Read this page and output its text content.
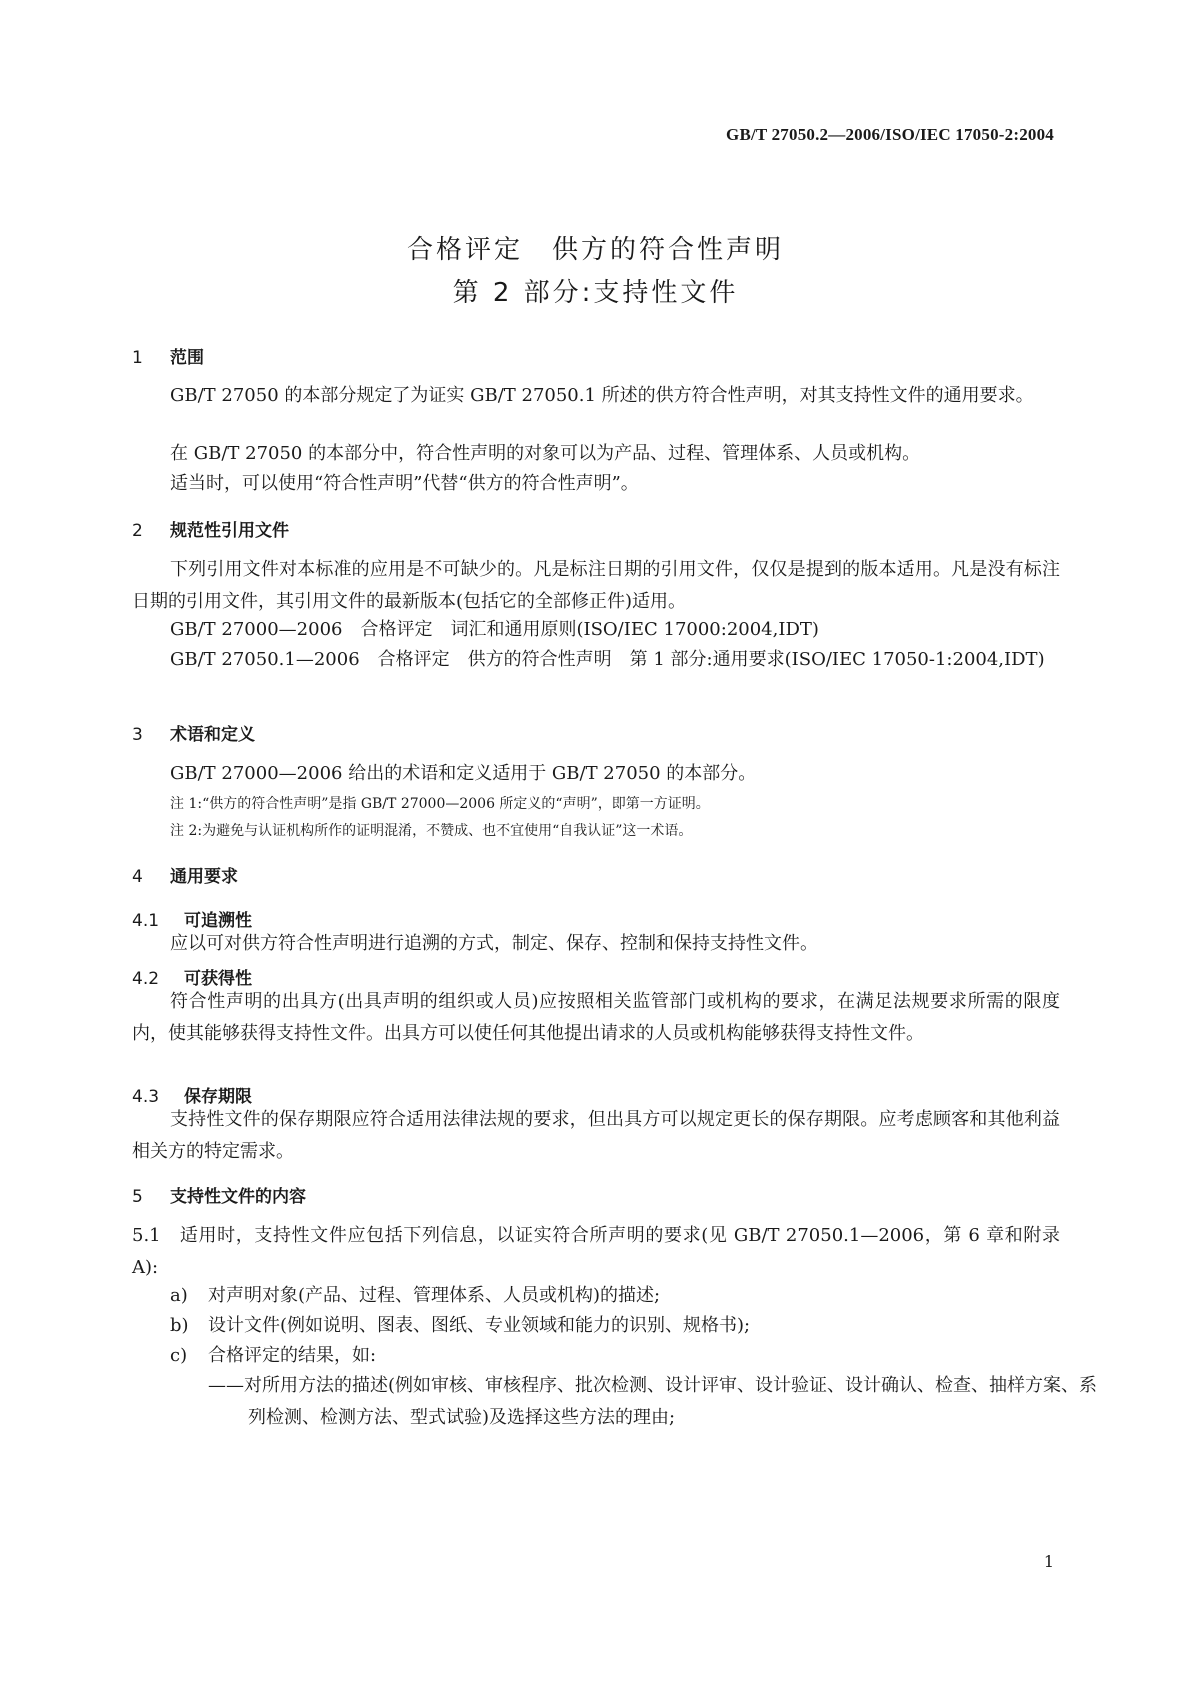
GB/T 27050.2—2006/ISO/IEC 17050-2:2004
合格评定　供方的符合性声明
第 2 部分:支持性文件
1 范围

GB/T 27050 的本部分规定了为证实 GB/T 27050.1 所述的供方符合性声明，对其支持性文件的通用要求。

在 GB/T 27050 的本部分中，符合性声明的对象可以为产品、过程、管理体系、人员或机构。

适当时，可以使用“符合性声明”代替“供方的符合性声明”。

2 规范性引用文件

下列引用文件对本标准的应用是不可缺少的。凡是标注日期的引用文件，仅仅是提到的版本适用。凡是没有标注日期的引用文件，其引用文件的最新版本(包括它的全部修正件)适用。

GB/T 27000—2006　合格评定　词汇和通用原则(ISO/IEC 17000:2004,IDT)

GB/T 27050.1—2006　合格评定　供方的符合性声明　第 1 部分:通用要求(ISO/IEC 17050-1:2004,IDT)

3 术语和定义

GB/T 27000—2006 给出的术语和定义适用于 GB/T 27050 的本部分。

注 1:“供方的符合性声明”是指 GB/T 27000—2006 所定义的“声明”，即第一方证明。

注 2:为避免与认证机构所作的证明混淆，不赞成、也不宜使用“自我认证”这一术语。

4 通用要求
4.1 可追溯性

应以可对供方符合性声明进行追溯的方式，制定、保存、控制和保持支持性文件。

4.2 可获得性

符合性声明的出具方(出具声明的组织或人员)应按照相关监管部门或机构的要求，在满足法规要求所需的限度内，使其能够获得支持性文件。出具方可以使任何其他提出请求的人员或机构能够获得支持性文件。

4.3 保存期限

支持性文件的保存期限应符合适用法律法规的要求，但出具方可以规定更长的保存期限。应考虑顾客和其他利益相关方的特定需求。

5 支持性文件的内容

5.1　适用时，支持性文件应包括下列信息，以证实符合所声明的要求(见 GB/T 27050.1—2006，第 6 章和附录 A):

a) 对声明对象(产品、过程、管理体系、人员或机构)的描述;

b) 设计文件(例如说明、图表、图纸、专业领域和能力的识别、规格书);

c) 合格评定的结果，如:

——对所用方法的描述(例如审核、审核程序、批次检测、设计评审、设计验证、设计确认、检查、抽样方案、系列检测、检测方法、型式试验)及选择这些方法的理由;

1
